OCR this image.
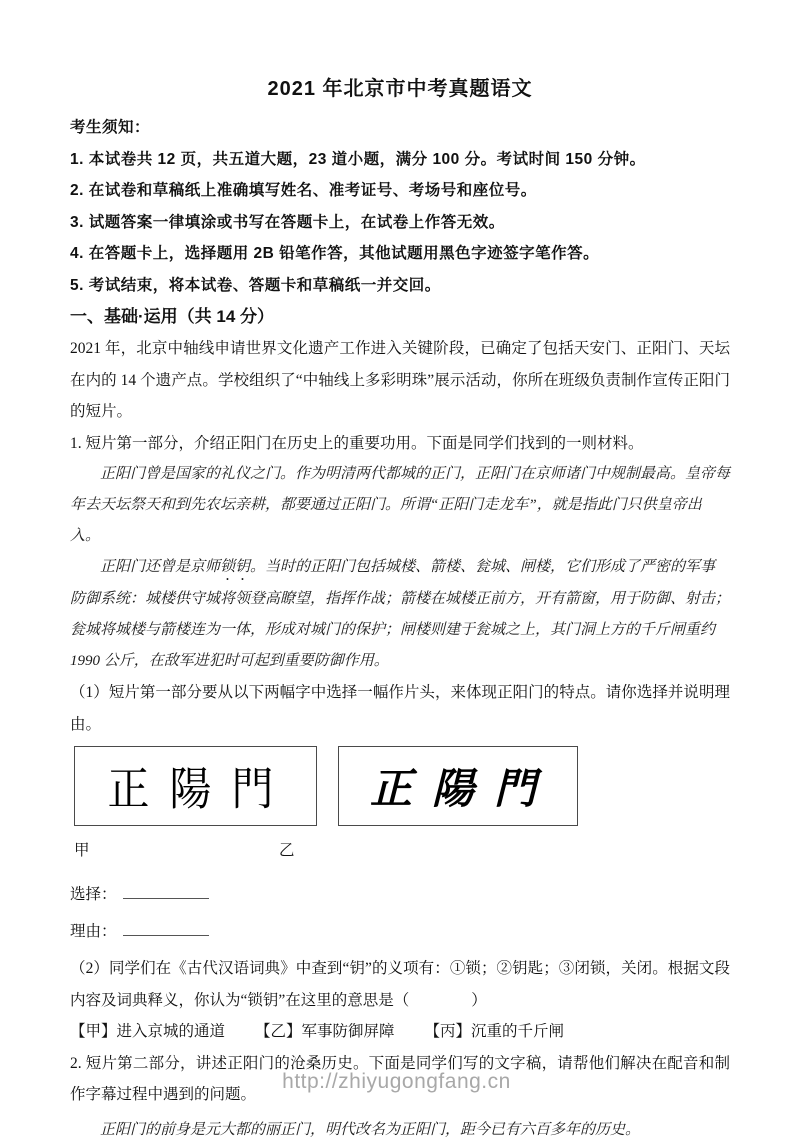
2021 年北京市中考真题语文

考生须知：

1. 本试卷共 12 页，共五道大题，23 道小题，满分 100 分。考试时间 150 分钟。

2. 在试卷和草稿纸上准确填写姓名、准考证号、考场号和座位号。

3. 试题答案一律填涂或书写在答题卡上，在试卷上作答无效。

4. 在答题卡上，选择题用 2B 铅笔作答，其他试题用黑色字迹签字笔作答。

5. 考试结束，将本试卷、答题卡和草稿纸一并交回。

一、基础·运用（共 14 分）

2021 年，北京中轴线申请世界文化遗产工作进入关键阶段，已确定了包括天安门、正阳门、天坛在内的 14 个遗产点。学校组织了“中轴线上多彩明珠”展示活动，你所在班级负责制作宣传正阳门的短片。

1. 短片第一部分，介绍正阳门在历史上的重要功用。下面是同学们找到的一则材料。

正阳门曾是国家的礼仪之门。作为明清两代都城的正门，正阳门在京师诸门中规制最高。皇帝每年去天坛祭天和到先农坛亲耕，都要通过正阳门。所谓“正阳门走龙车”，就是指此门只供皇帝出入。

正阳门还曾是京师锁钥。当时的正阳门包括城楼、箭楼、瓮城、闸楼，它们形成了严密的军事防御系统：城楼供守城将领登高瞭望，指挥作战；箭楼在城楼正前方，开有箭窗，用于防御、射击；瓮城将城楼与箭楼连为一体，形成对城门的保护；闸楼则建于瓮城之上，其门洞上方的千斤闸重约 1990 公斤，在敌军进犯时可起到重要防御作用。

（1）短片第一部分要从以下两幅字中选择一幅作片头，来体现正阳门的特点。请你选择并说明理由。

正陽門 正陽門
甲	乙

选择：

理由：

（2）同学们在《古代汉语词典》中查到“钥”的义项有：①锁；②钥匙；③闭锁，关闭。根据文段内容及词典释义，你认为“锁钥”在这里的意思是（　　　　）

【甲】进入京城的通道 【乙】军事防御屏障 【丙】沉重的千斤闸

2. 短片第二部分，讲述正阳门的沧桑历史。下面是同学们写的文字稿，请帮他们解决在配音和制作字幕过程中遇到的问题。

正阳门的前身是元大都的丽正门，明代改名为正阳门，距今已有六百多年的历史。

http://zhiyugongfang.cn
